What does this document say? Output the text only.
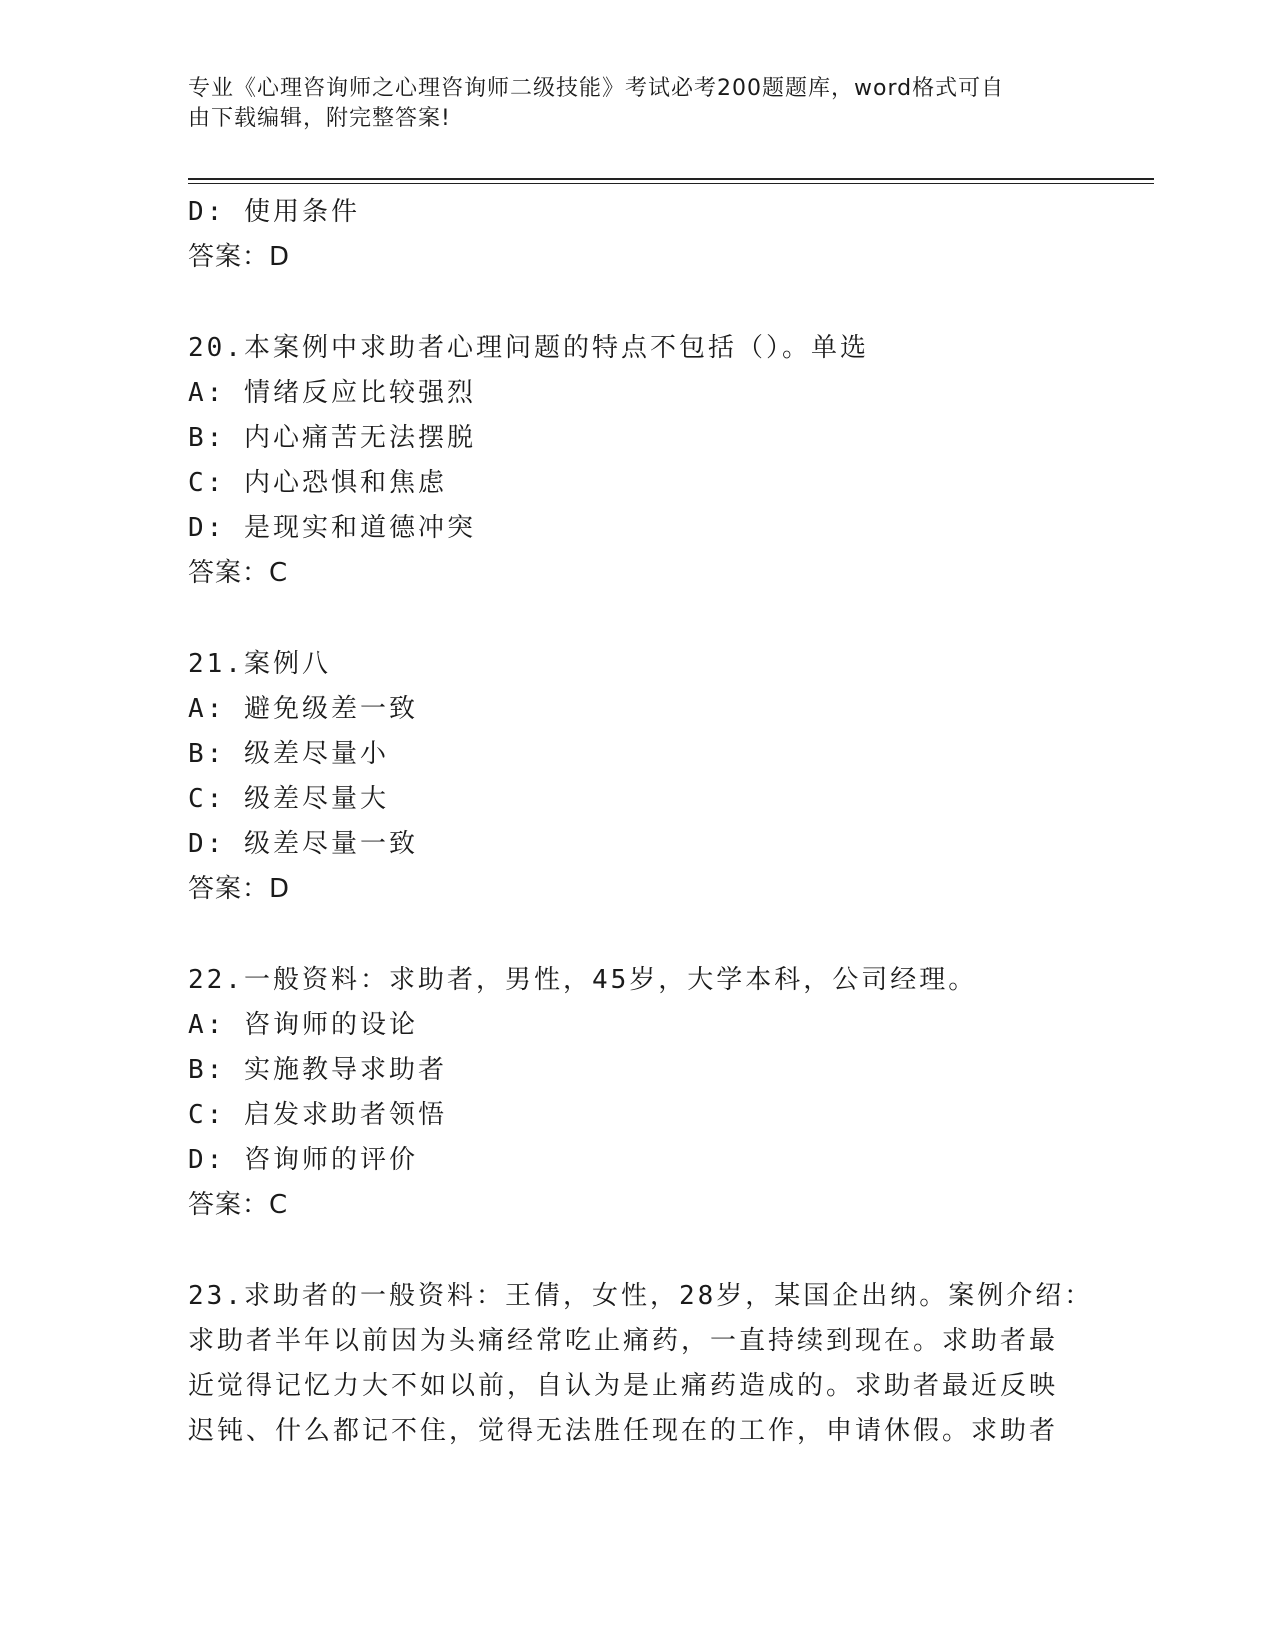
专业《心理咨询师之心理咨询师二级技能》考试必考200题题库，word格式可自
由下载编辑，附完整答案!
D: 使用条件
答案：D
20.本案例中求助者心理问题的特点不包括（）。单选
A: 情绪反应比较强烈
B: 内心痛苦无法摆脱
C: 内心恐惧和焦虑
D: 是现实和道德冲突
答案：C
21.案例八
A: 避免级差一致
B: 级差尽量小
C: 级差尽量大
D: 级差尽量一致
答案：D
22.一般资料：求助者，男性，45岁，大学本科，公司经理。
A: 咨询师的设论
B: 实施教导求助者
C: 启发求助者领悟
D: 咨询师的评价
答案：C
23.求助者的一般资料：王倩，女性，28岁，某国企出纳。案例介绍：
求助者半年以前因为头痛经常吃止痛药，一直持续到现在。求助者最
近觉得记忆力大不如以前，自认为是止痛药造成的。求助者最近反映
迟钝、什么都记不住，觉得无法胜任现在的工作，申请休假。求助者
